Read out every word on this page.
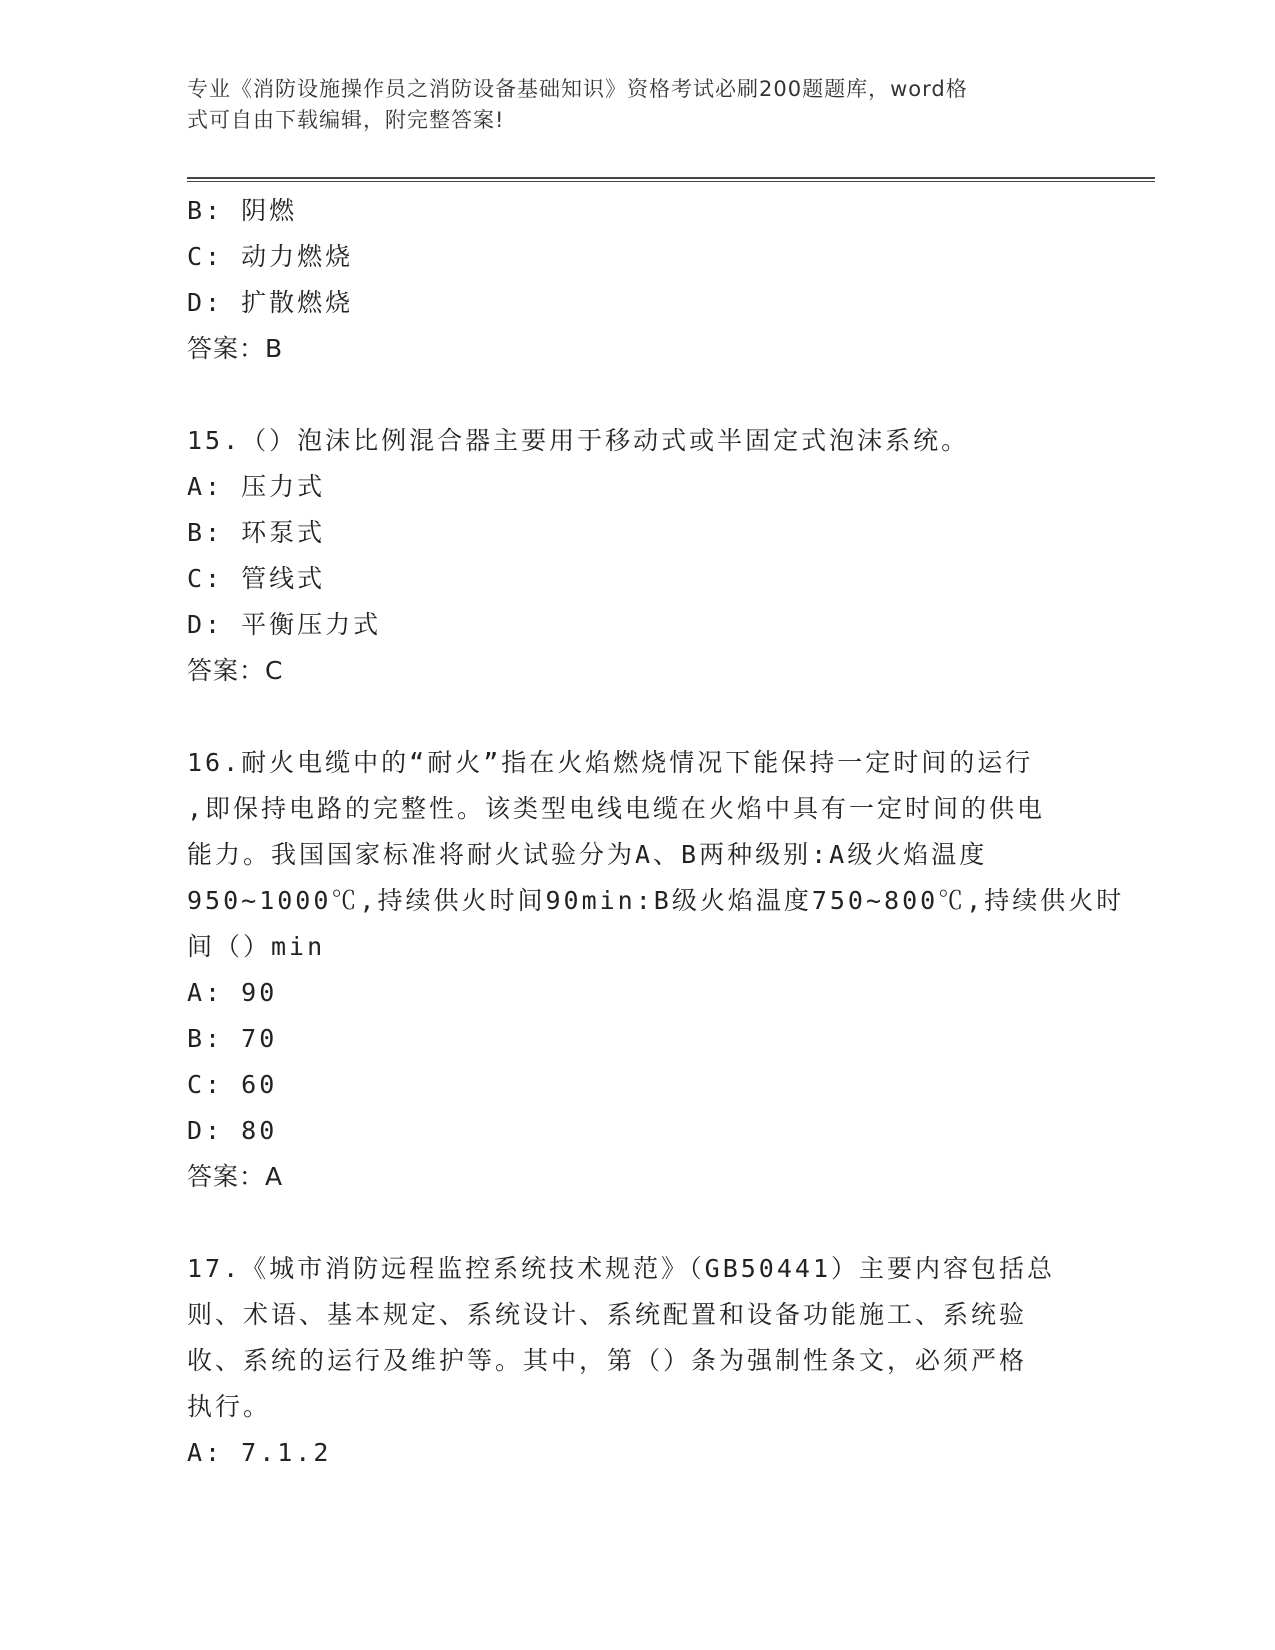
专业《消防设施操作员之消防设备基础知识》资格考试必刷200题题库，word格
式可自由下载编辑，附完整答案!
B: 阴燃
C: 动力燃烧
D: 扩散燃烧
答案：B
15.（）泡沫比例混合器主要用于移动式或半固定式泡沫系统。
A: 压力式
B: 环泵式
C: 管线式
D: 平衡压力式
答案：C
16.耐火电缆中的“耐火”指在火焰燃烧情况下能保持一定时间的运行
,即保持电路的完整性。该类型电线电缆在火焰中具有一定时间的供电
能力。我国国家标准将耐火试验分为A、B两种级别:A级火焰温度
950~1000℃,持续供火时间90min:B级火焰温度750~800℃,持续供火时
间（）min
A: 90
B: 70
C: 60
D: 80
答案：A
17.《城市消防远程监控系统技术规范》（GB50441）主要内容包括总
则、术语、基本规定、系统设计、系统配置和设备功能施工、系统验
收、系统的运行及维护等。其中，第（）条为强制性条文，必须严格
执行。
A: 7.1.2
